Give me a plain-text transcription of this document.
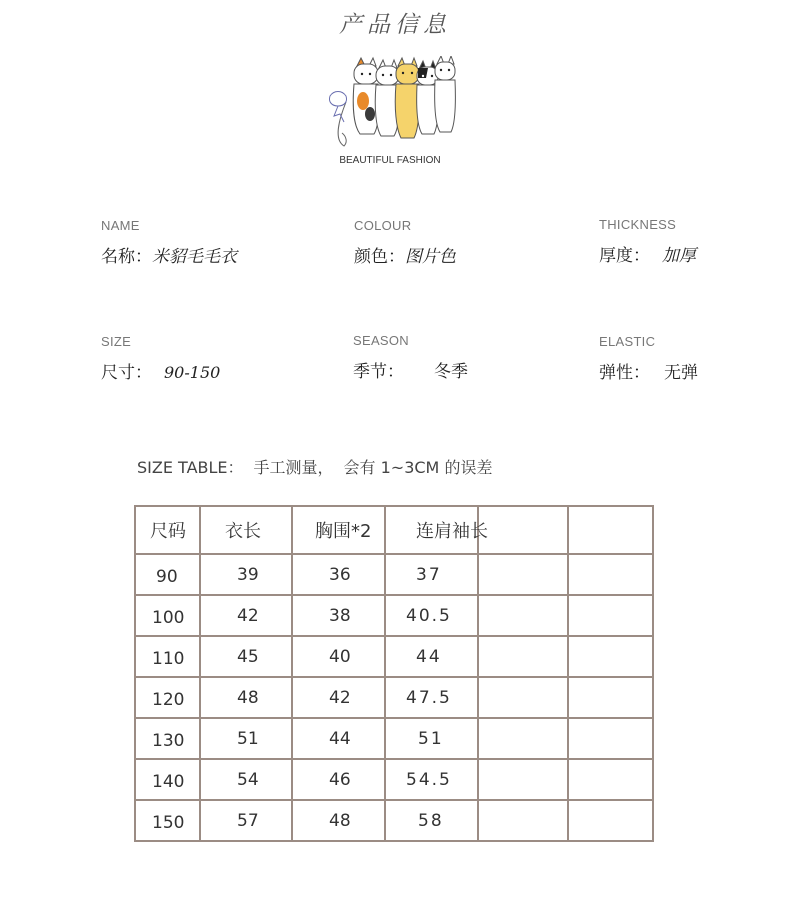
产品信息
BEAUTIFUL FASHION
NAME
名称：米貂毛毛衣
COLOUR
颜色：图片色
THICKNESS
厚度： 加厚
SIZE
尺寸： 90-150
SEASON
季节： 冬季
ELASTIC
弹性： 无弹
SIZE TABLE： 手工测量， 会有 1~3CM 的误差
尺码	衣长	胸围*2	连肩袖长		
90	39	36	37		
100	42	38	40.5		
110	45	40	44		
120	48	42	47.5		
130	51	44	51		
140	54	46	54.5		
150	57	48	58		
